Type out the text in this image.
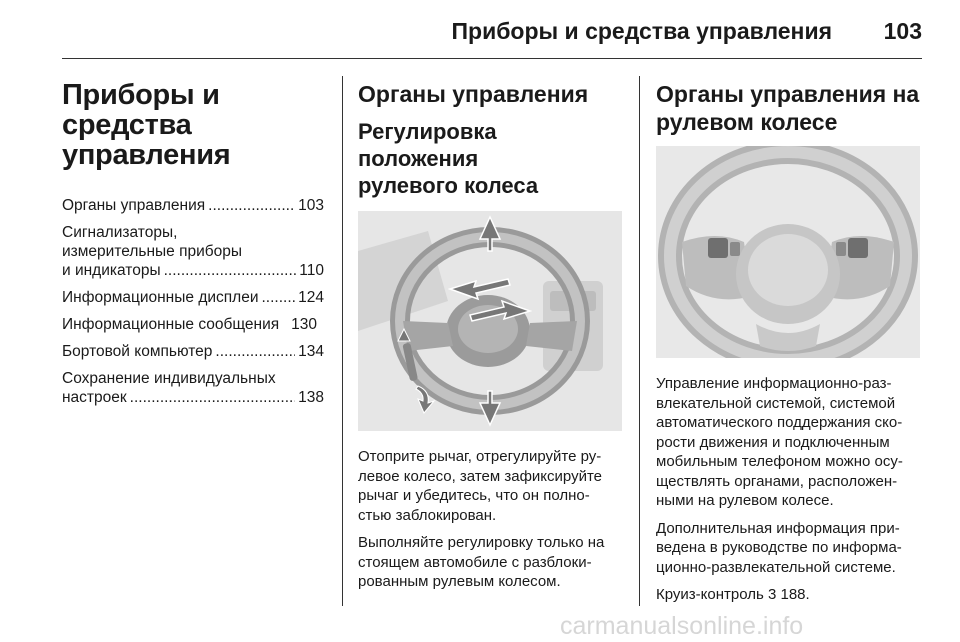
Приборы и средства управления 103
Приборы и средства
управления
Органы управления .....	103
Сигнализаторы,
измерительные приборы
и индикаторы .....	110
Информационные дисплеи .....	124
Информационные сообщения 130
Бортовой компьютер .....	134
Сохранение индивидуальных
настроек .....	138
Органы управления
Регулировка положения
рулевого колеса

Отоприте рычаг, отрегулируйте ру-
левое колесо, затем зафиксируйте
рычаг и убедитесь, что он полно-
стью заблокирован.

Выполняйте регулировку только на
стоящем автомобиле с разблоки-
рованным рулевым колесом.

Органы управления на
рулевом колесе

Управление информационно-раз-
влекательной системой, системой
автоматического поддержания ско-
рости движения и подключенным
мобильным телефоном можно осу-
ществлять органами, расположен-
ными на рулевом колесе.

Дополнительная информация при-
ведена в руководстве по информа-
ционно-развлекательной системе.

Круиз-контроль 3 188.

carmanualsonline.info
